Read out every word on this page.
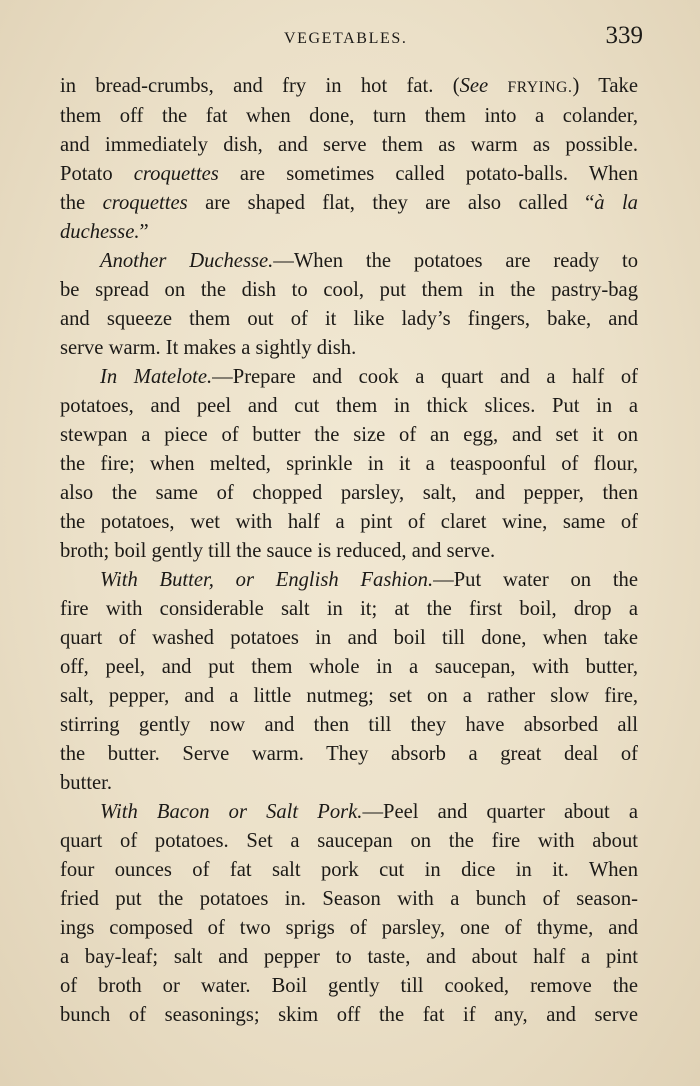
VEGETABLES.	339

in bread-crumbs, and fry in hot fat. (See FRYING.) Take

them off the fat when done, turn them into a colander,

and immediately dish, and serve them as warm as possible.

Potato croquettes are sometimes called potato-balls. When

the croquettes are shaped flat, they are also called “à la

duchesse.”

Another Duchesse.—When the potatoes are ready to

be spread on the dish to cool, put them in the pastry-bag

and squeeze them out of it like lady’s fingers, bake, and

serve warm. It makes a sightly dish.

In Matelote.—Prepare and cook a quart and a half of

potatoes, and peel and cut them in thick slices. Put in a

stewpan a piece of butter the size of an egg, and set it on

the fire; when melted, sprinkle in it a teaspoonful of flour,

also the same of chopped parsley, salt, and pepper, then

the potatoes, wet with half a pint of claret wine, same of

broth; boil gently till the sauce is reduced, and serve.

With Butter, or English Fashion.—Put water on the

fire with considerable salt in it; at the first boil, drop a

quart of washed potatoes in and boil till done, when take

off, peel, and put them whole in a saucepan, with butter,

salt, pepper, and a little nutmeg; set on a rather slow fire,

stirring gently now and then till they have absorbed all

the butter. Serve warm. They absorb a great deal of

butter.

With Bacon or Salt Pork.—Peel and quarter about a

quart of potatoes. Set a saucepan on the fire with about

four ounces of fat salt pork cut in dice in it. When

fried put the potatoes in. Season with a bunch of season-

ings composed of two sprigs of parsley, one of thyme, and

a bay-leaf; salt and pepper to taste, and about half a pint

of broth or water. Boil gently till cooked, remove the

bunch of seasonings; skim off the fat if any, and serve
